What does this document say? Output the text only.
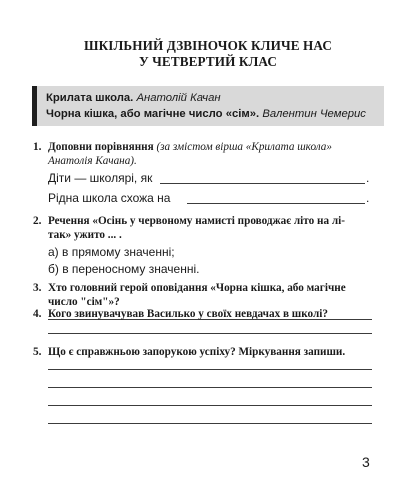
ШКІЛЬНИЙ ДЗВІНОЧОК КЛИЧЕ НАС
У ЧЕТВЕРТИЙ КЛАС
Крилата школа. Анатолій Качан
Чорна кішка, або магічне число «сім». Валентин Чемерис
1. Доповни порівняння (за змістом вірша «Крилата школа»
Анатолія Качана).
Діти — школярі, як	.
Рідна школа схожа на	.
2. Речення «Осінь у червоному намисті проводжає літо на лі-
так» ужито ... .
а) в прямому значенні;
б) в переносному значенні.
3. Хто головний герой оповідання «Чорна кішка, або магічне
число "сім"»?
4. Кого звинувачував Василько у своїх невдачах в школі?
5. Що є справжньою запорукою успіху? Міркування запиши.
3
